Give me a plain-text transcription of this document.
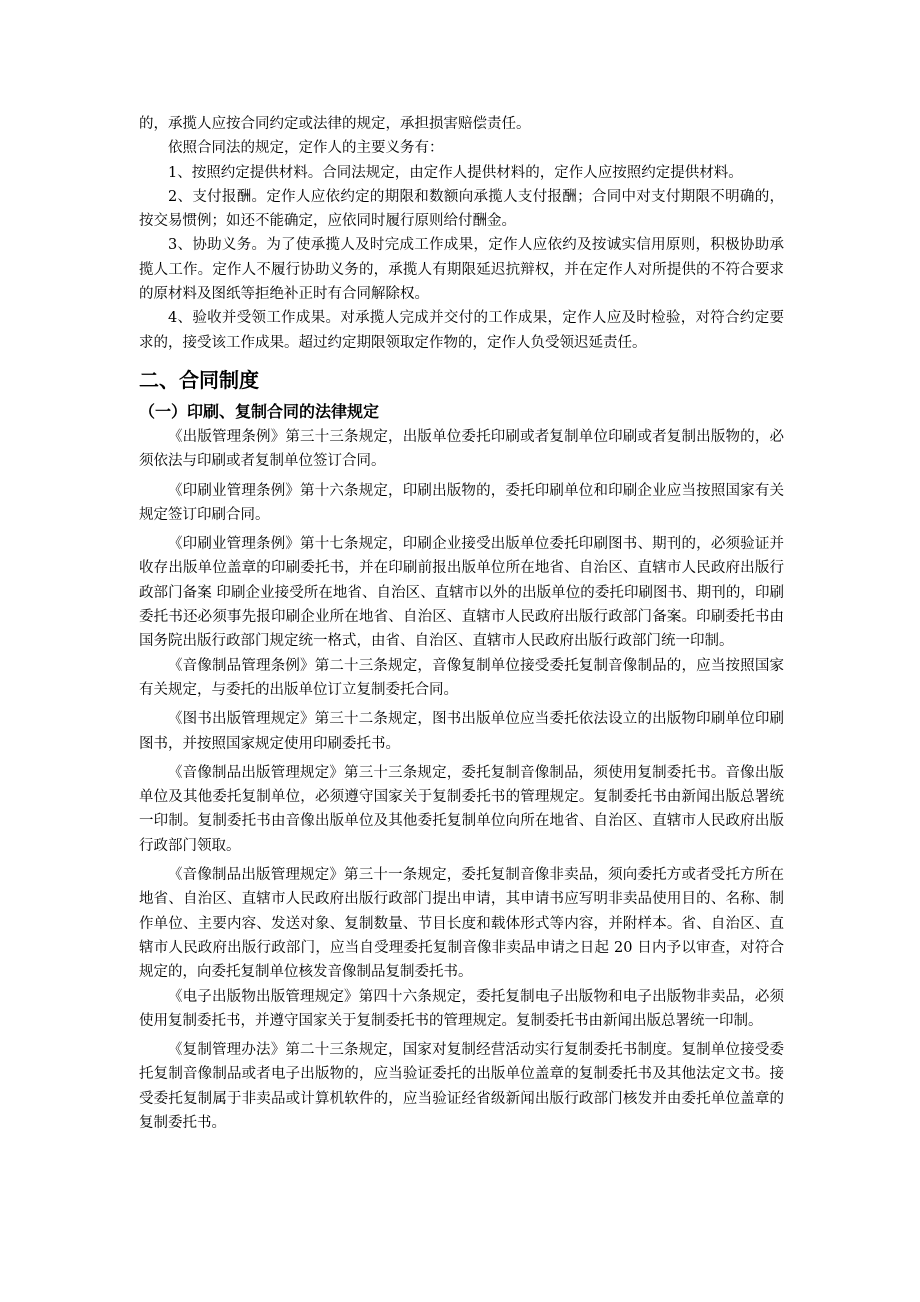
的，承揽人应按合同约定或法律的规定，承担损害赔偿责任。

依照合同法的规定，定作人的主要义务有：

1、按照约定提供材料。合同法规定，由定作人提供材料的，定作人应按照约定提供材料。

2、支付报酬。定作人应依约定的期限和数额向承揽人支付报酬；合同中对支付期限不明确的，按交易惯例；如还不能确定，应依同时履行原则给付酬金。

3、协助义务。为了使承揽人及时完成工作成果，定作人应依约及按诚实信用原则，积极协助承揽人工作。定作人不履行协助义务的，承揽人有期限延迟抗辩权，并在定作人对所提供的不符合要求的原材料及图纸等拒绝补正时有合同解除权。

4、验收并受领工作成果。对承揽人完成并交付的工作成果，定作人应及时检验，对符合约定要求的，接受该工作成果。超过约定期限领取定作物的，定作人负受领迟延责任。

二、合同制度

（一）印刷、复制合同的法律规定

《出版管理条例》第三十三条规定，出版单位委托印刷或者复制单位印刷或者复制出版物的，必须依法与印刷或者复制单位签订合同。

《印刷业管理条例》第十六条规定，印刷出版物的，委托印刷单位和印刷企业应当按照国家有关规定签订印刷合同。

《印刷业管理条例》第十七条规定，印刷企业接受出版单位委托印刷图书、期刊的，必须验证并收存出版单位盖章的印刷委托书，并在印刷前报出版单位所在地省、自治区、直辖市人民政府出版行政部门备案 印刷企业接受所在地省、自治区、直辖市以外的出版单位的委托印刷图书、期刊的，印刷委托书还必须事先报印刷企业所在地省、自治区、直辖市人民政府出版行政部门备案。印刷委托书由国务院出版行政部门规定统一格式，由省、自治区、直辖市人民政府出版行政部门统一印制。

《音像制品管理条例》第二十三条规定，音像复制单位接受委托复制音像制品的，应当按照国家有关规定，与委托的出版单位订立复制委托合同。

《图书出版管理规定》第三十二条规定，图书出版单位应当委托依法设立的出版物印刷单位印刷图书，并按照国家规定使用印刷委托书。

《音像制品出版管理规定》第三十三条规定，委托复制音像制品，须使用复制委托书。音像出版单位及其他委托复制单位，必须遵守国家关于复制委托书的管理规定。复制委托书由新闻出版总署统一印制。复制委托书由音像出版单位及其他委托复制单位向所在地省、自治区、直辖市人民政府出版行政部门领取。

《音像制品出版管理规定》第三十一条规定，委托复制音像非卖品，须向委托方或者受托方所在地省、自治区、直辖市人民政府出版行政部门提出申请，其申请书应写明非卖品使用目的、名称、制作单位、主要内容、发送对象、复制数量、节目长度和载体形式等内容，并附样本。省、自治区、直辖市人民政府出版行政部门，应当自受理委托复制音像非卖品申请之日起 20 日内予以审查，对符合规定的，向委托复制单位核发音像制品复制委托书。

《电子出版物出版管理规定》第四十六条规定，委托复制电子出版物和电子出版物非卖品，必须使用复制委托书，并遵守国家关于复制委托书的管理规定。复制委托书由新闻出版总署统一印制。

《复制管理办法》第二十三条规定，国家对复制经营活动实行复制委托书制度。复制单位接受委托复制音像制品或者电子出版物的，应当验证委托的出版单位盖章的复制委托书及其他法定文书。接受委托复制属于非卖品或计算机软件的，应当验证经省级新闻出版行政部门核发并由委托单位盖章的复制委托书。
